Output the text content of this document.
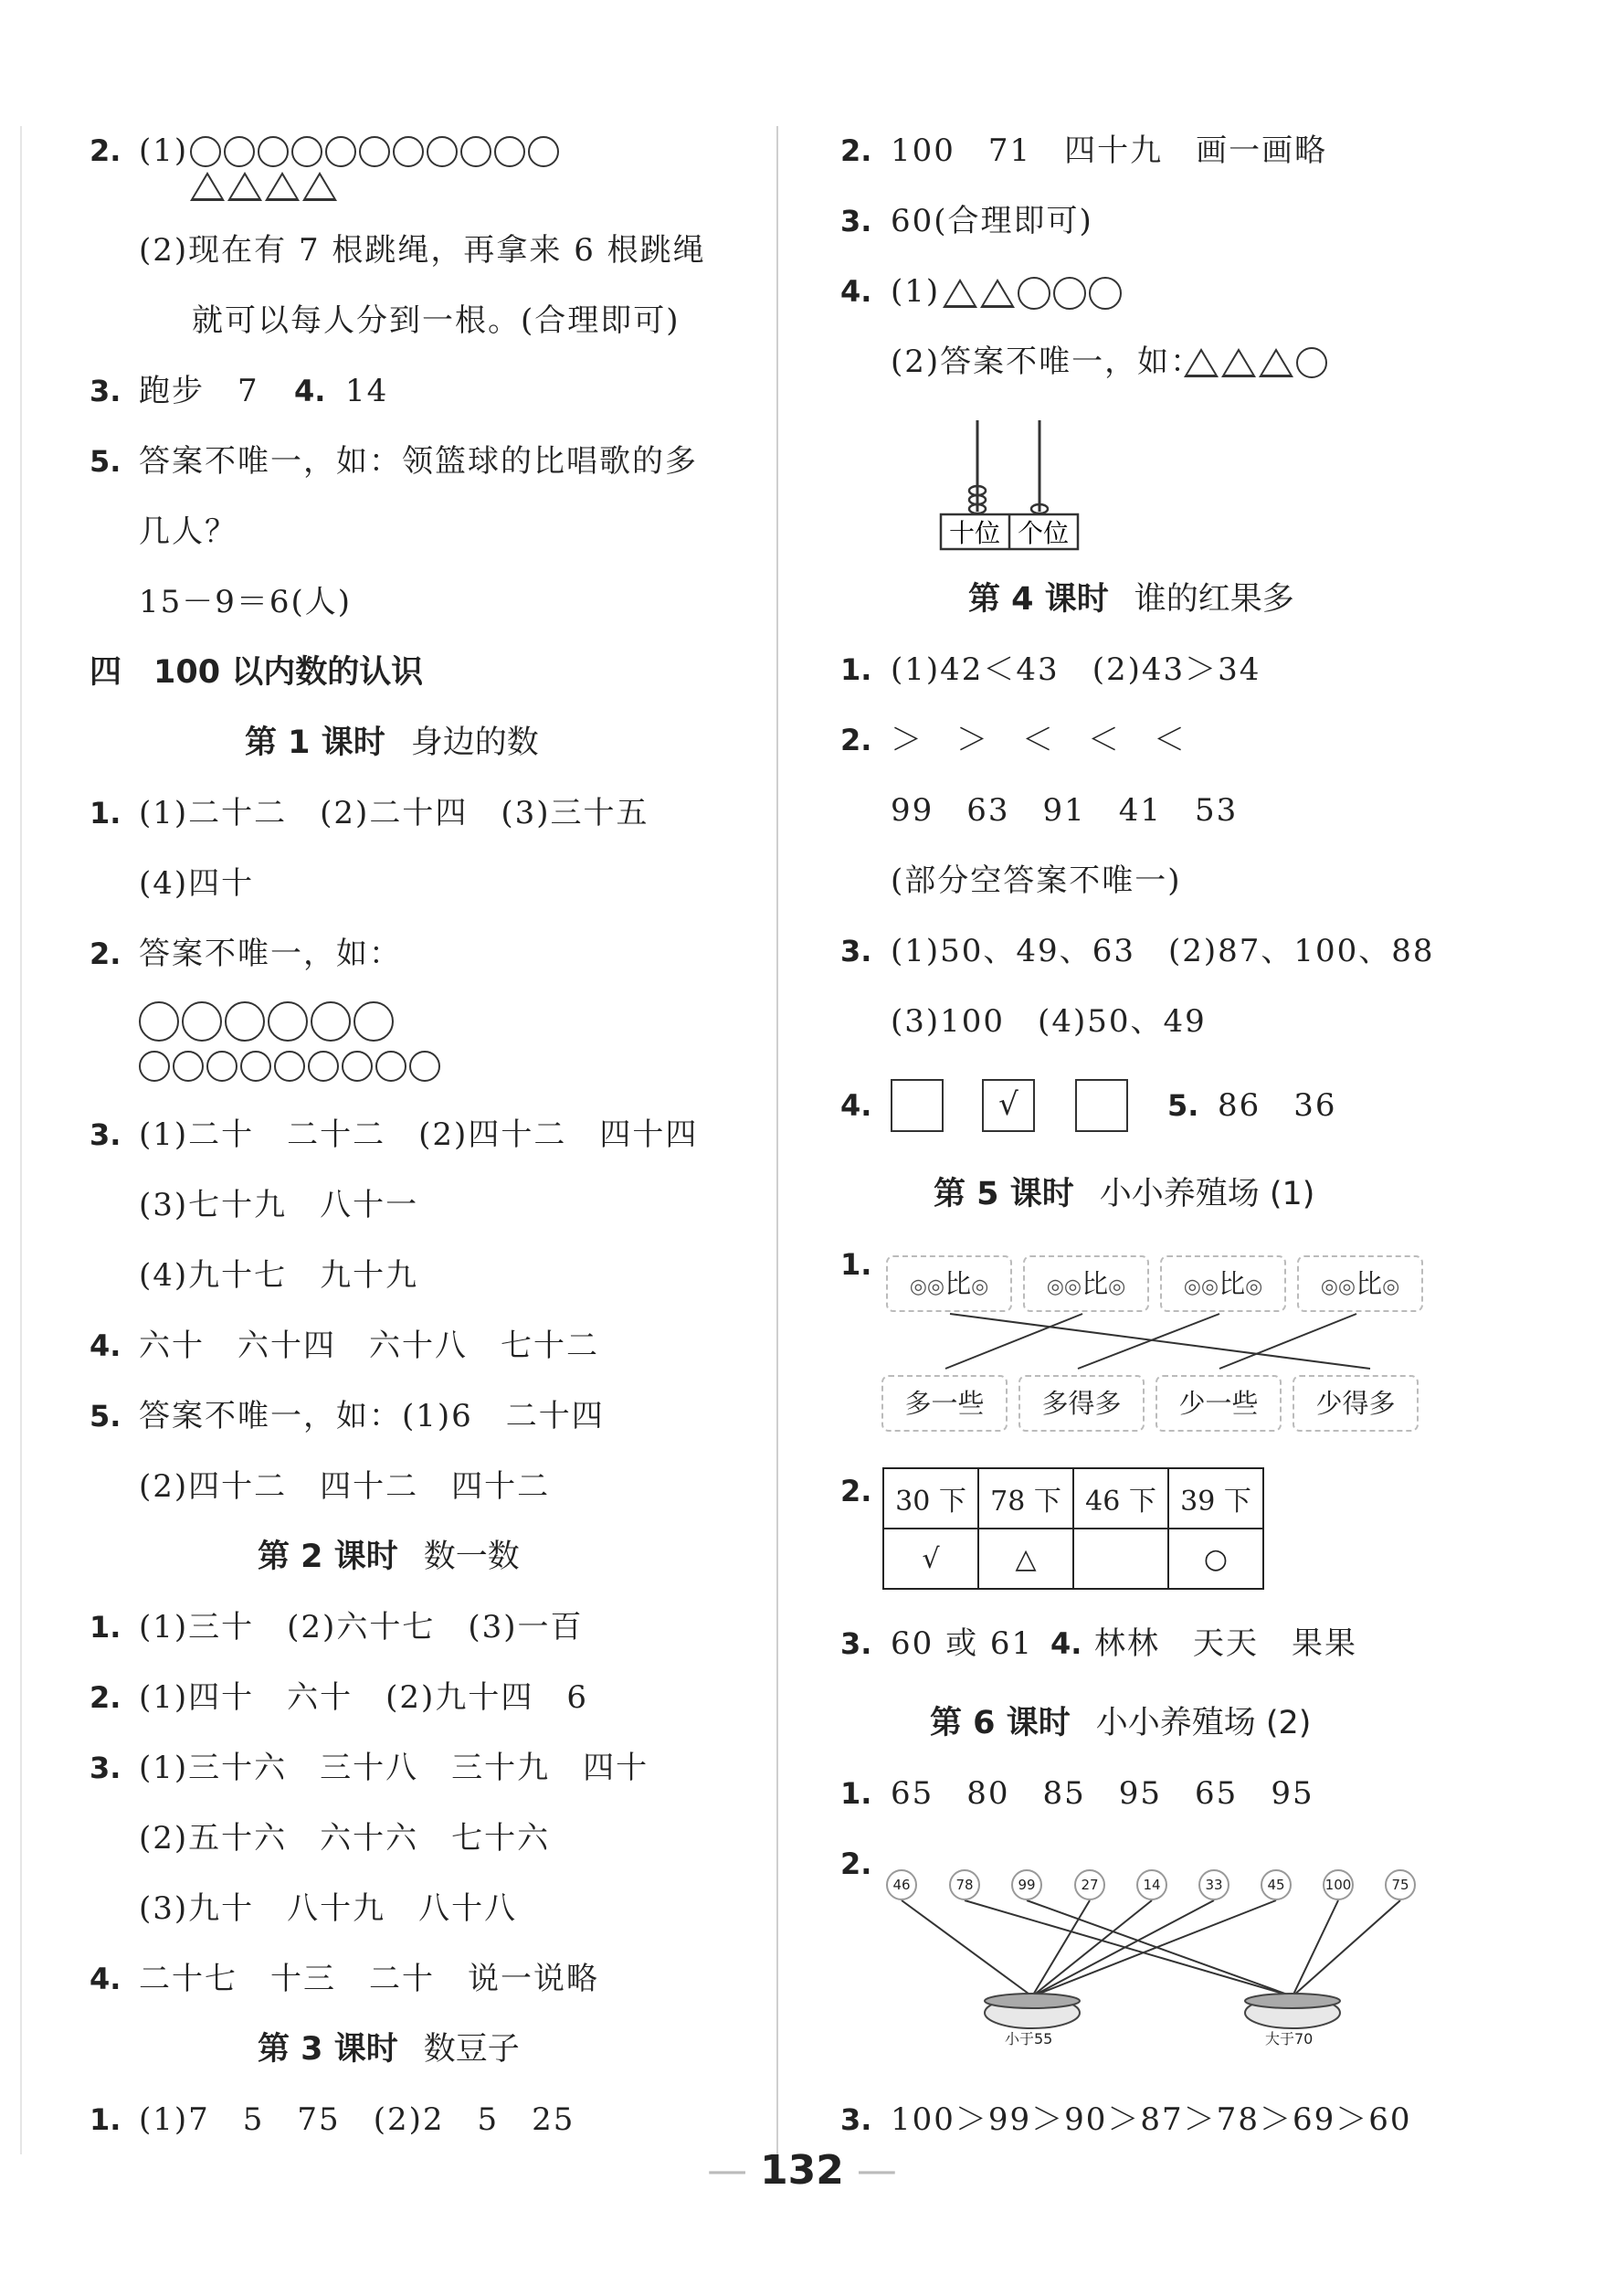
2. (1)
(2)现在有 7 根跳绳，再拿来 6 根跳绳
就可以每人分到一根。(合理即可)
3. 跑步　7 4. 14
5. 答案不唯一，如：领篮球的比唱歌的多
几人？
15－9＝6(人)
四　100 以内数的认识
第 1 课时 身边的数
1. (1)二十二　(2)二十四　(3)三十五
(4)四十
2. 答案不唯一，如：
3. (1)二十　二十二　(2)四十二　四十四
(3)七十九　八十一
(4)九十七　九十九
4. 六十　六十四　六十八　七十二
5. 答案不唯一，如：(1)6　二十四
(2)四十二　四十二　四十二
第 2 课时 数一数
1. (1)三十　(2)六十七　(3)一百
2. (1)四十　六十　(2)九十四　6
3. (1)三十六　三十八　三十九　四十
(2)五十六　六十六　七十六
(3)九十　八十九　八十八
4. 二十七　十三　二十　说一说略
第 3 课时 数豆子
1. (1)7　5　75　(2)2　5　25
2. 100　71　四十九　画一画略
3. 60(合理即可)
4. (1)
(2)答案不唯一，如：
十位 个位
第 4 课时 谁的红果多
1. (1)42＜43　(2)43＞34
2. ＞　＞　＜　＜　＜
99　63　91　41　53
(部分空答案不唯一)
3. (1)50、49、63　(2)87、100、88
(3)100　(4)50、49
4.	√	5. 86　36
第 5 课时 小小养殖场 (1)
1.
◎◎比◎	◎◎比◎	◎◎比◎	◎◎比◎
多一些	多得多	少一些	少得多
2. 30 下	78 下	46 下	39 下
√	△		○
3. 60 或 61 4. 林林　天天　果果
第 6 课时 小小养殖场 (2)
1. 65　80　85　95　65　95
2.
46	78	99	27	14	33	45	100	75
小于55	大于70
3. 100＞99＞90＞87＞78＞69＞60
— 132 —
